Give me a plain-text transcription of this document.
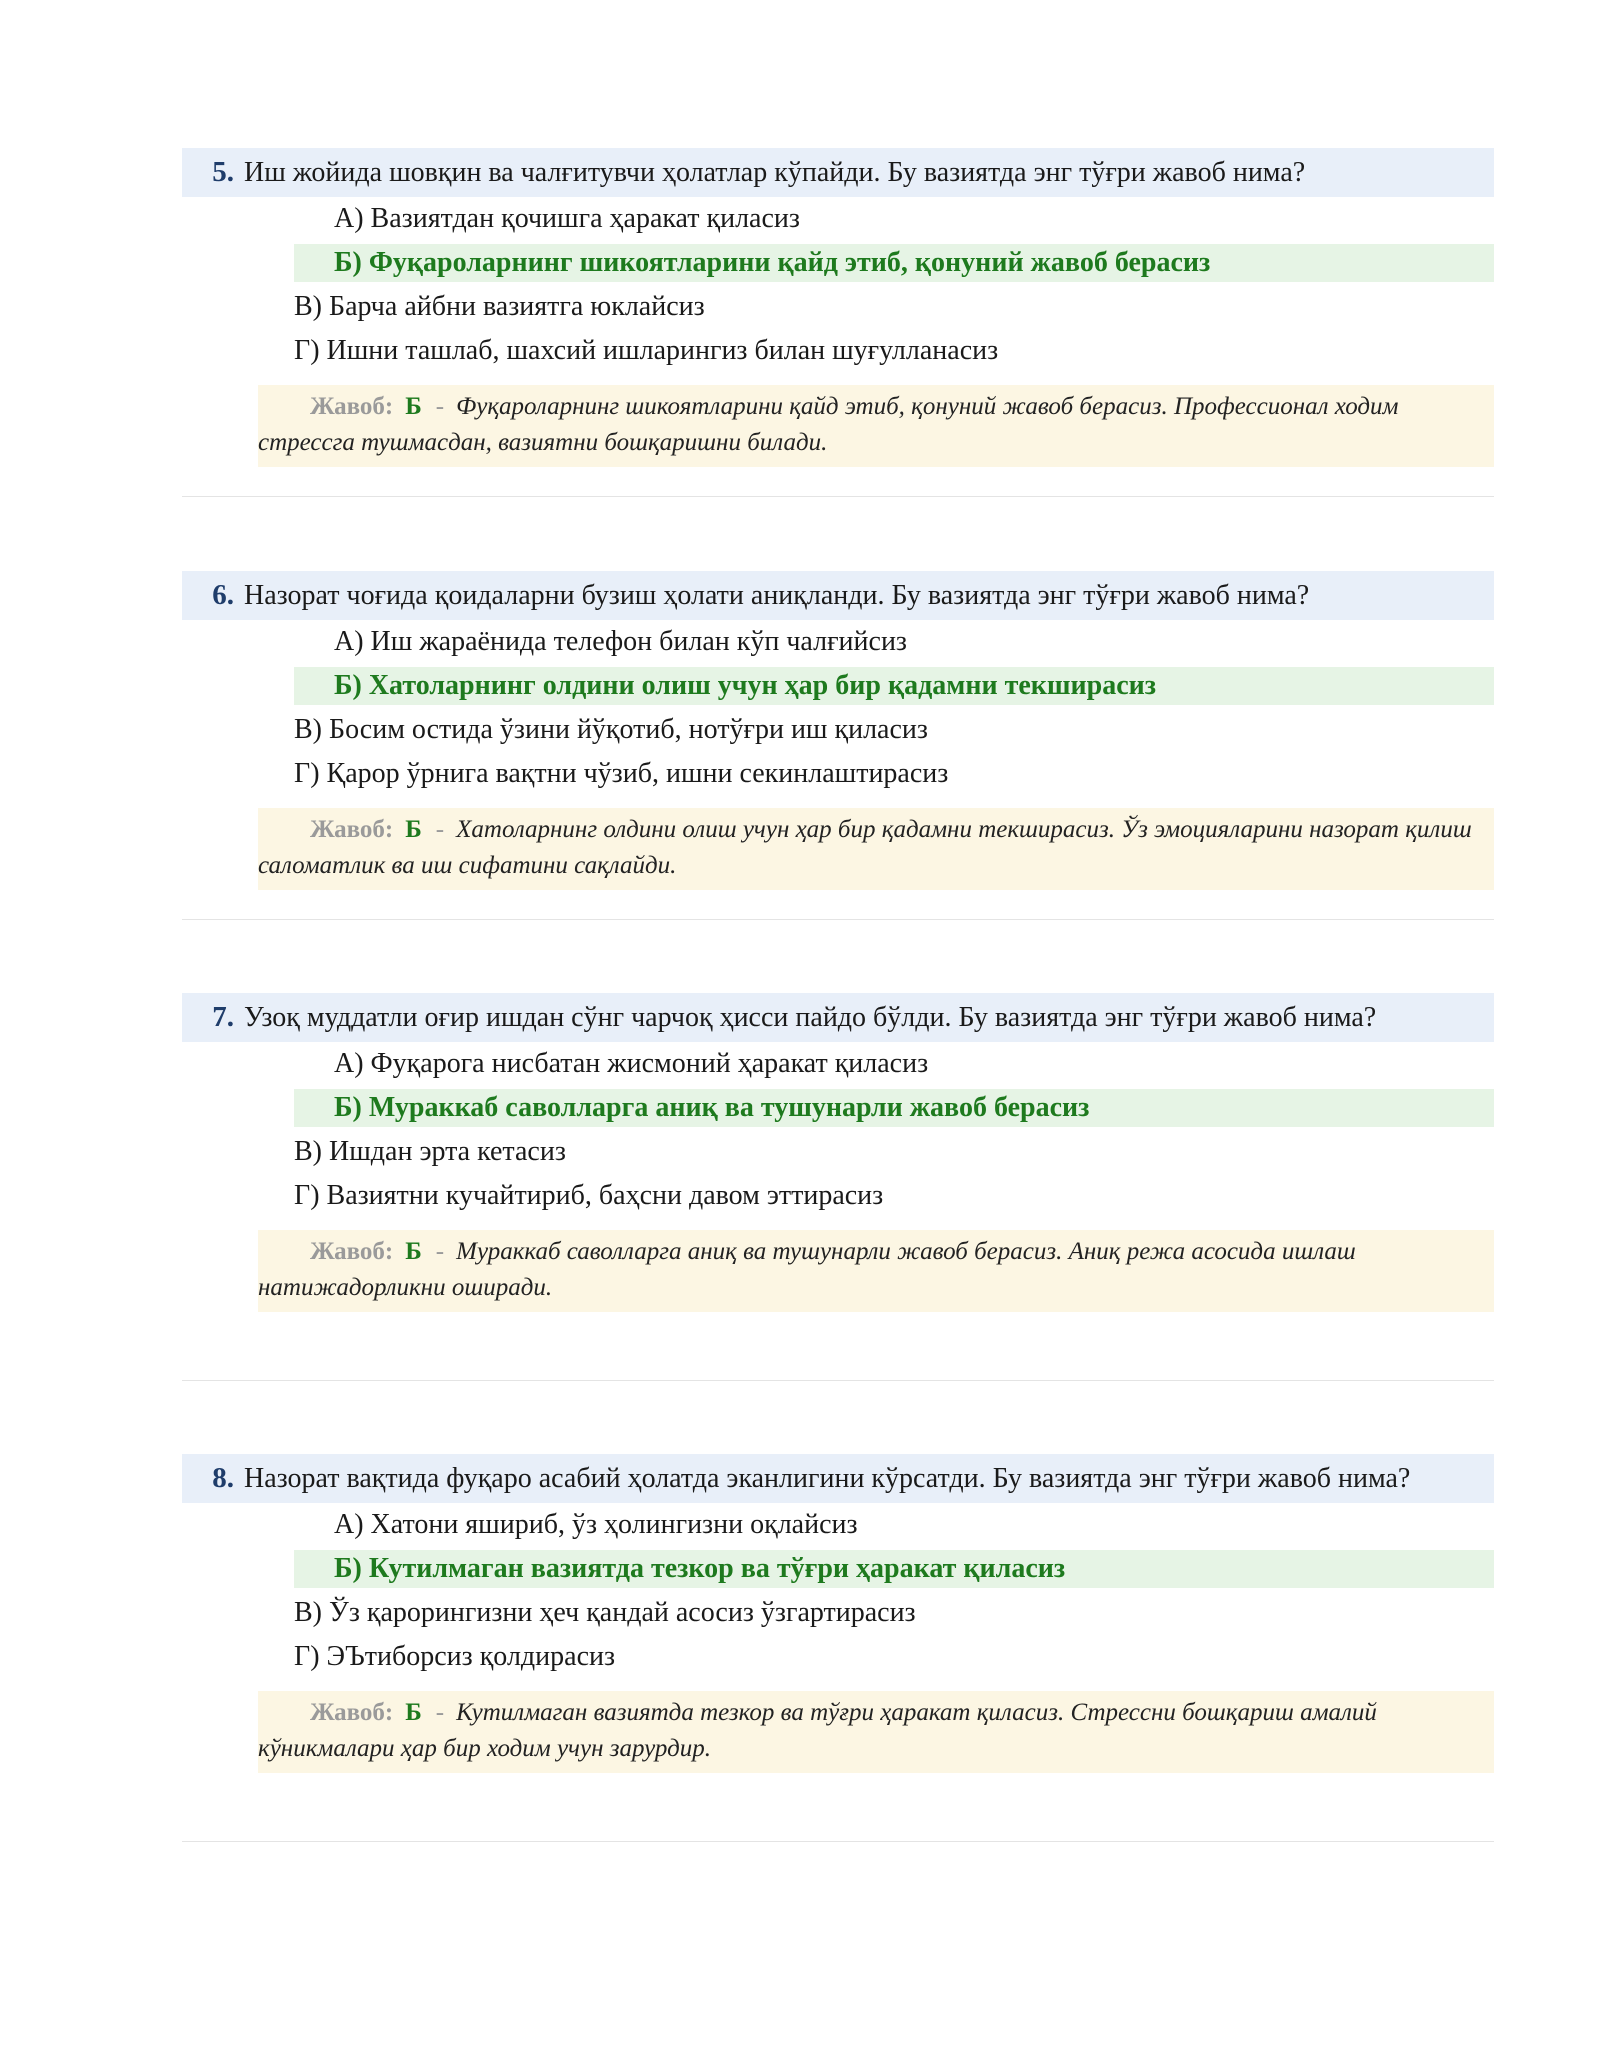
5. Иш жойида шовқин ва чалғитувчи ҳолатлар кўпайди. Бу вазиятда энг тўғри жавоб нима?
А) Вазиятдан қочишга ҳаракат қиласиз
Б) Фуқароларнинг шикоятларини қайд этиб, қонуний жавоб берасиз
В) Барча айбни вазиятга юклайсиз
Г) Ишни ташлаб, шахсий ишларингиз билан шуғулланасиз
Жавоб: Б - Фуқароларнинг шикоятларини қайд этиб, қонуний жавоб берасиз. Профессионал ходим стрессга тушмасдан, вазиятни бошқаришни билади.
6. Назорат чоғида қоидаларни бузиш ҳолати аниқланди. Бу вазиятда энг тўғри жавоб нима?
А) Иш жараёнида телефон билан кўп чалғийсиз
Б) Хатоларнинг олдини олиш учун ҳар бир қадамни текширасиз
В) Босим остида ўзини йўқотиб, нотўғри иш қиласиз
Г) Қарор ўрнига вақтни чўзиб, ишни секинлаштирасиз
Жавоб: Б - Хатоларнинг олдини олиш учун ҳар бир қадамни текширасиз. Ўз эмоцияларини назорат қилиш саломатлик ва иш сифатини сақлайди.
7. Узоқ муддатли оғир ишдан сўнг чарчоқ ҳисси пайдо бўлди. Бу вазиятда энг тўғри жавоб нима?
А) Фуқарога нисбатан жисмоний ҳаракат қиласиз
Б) Мураккаб саволларга аниқ ва тушунарли жавоб берасиз
В) Ишдан эрта кетасиз
Г) Вазиятни кучайтириб, баҳсни давом эттирасиз
Жавоб: Б - Мураккаб саволларга аниқ ва тушунарли жавоб берасиз. Аниқ режа асосида ишлаш натижадорликни оширади.
8. Назорат вақтида фуқаро асабий ҳолатда эканлигини кўрсатди. Бу вазиятда энг тўғри жавоб нима?
А) Хатони яшириб, ўз ҳолингизни оқлайсиз
Б) Кутилмаган вазиятда тезкор ва тўғри ҳаракат қиласиз
В) Ўз қарорингизни ҳеч қандай асосиз ўзгартирасиз
Г) ЭЪтиборсиз қолдирасиз
Жавоб: Б - Кутилмаган вазиятда тезкор ва тўғри ҳаракат қиласиз. Стрессни бошқариш амалий кўникмалари ҳар бир ходим учун зарурдир.
